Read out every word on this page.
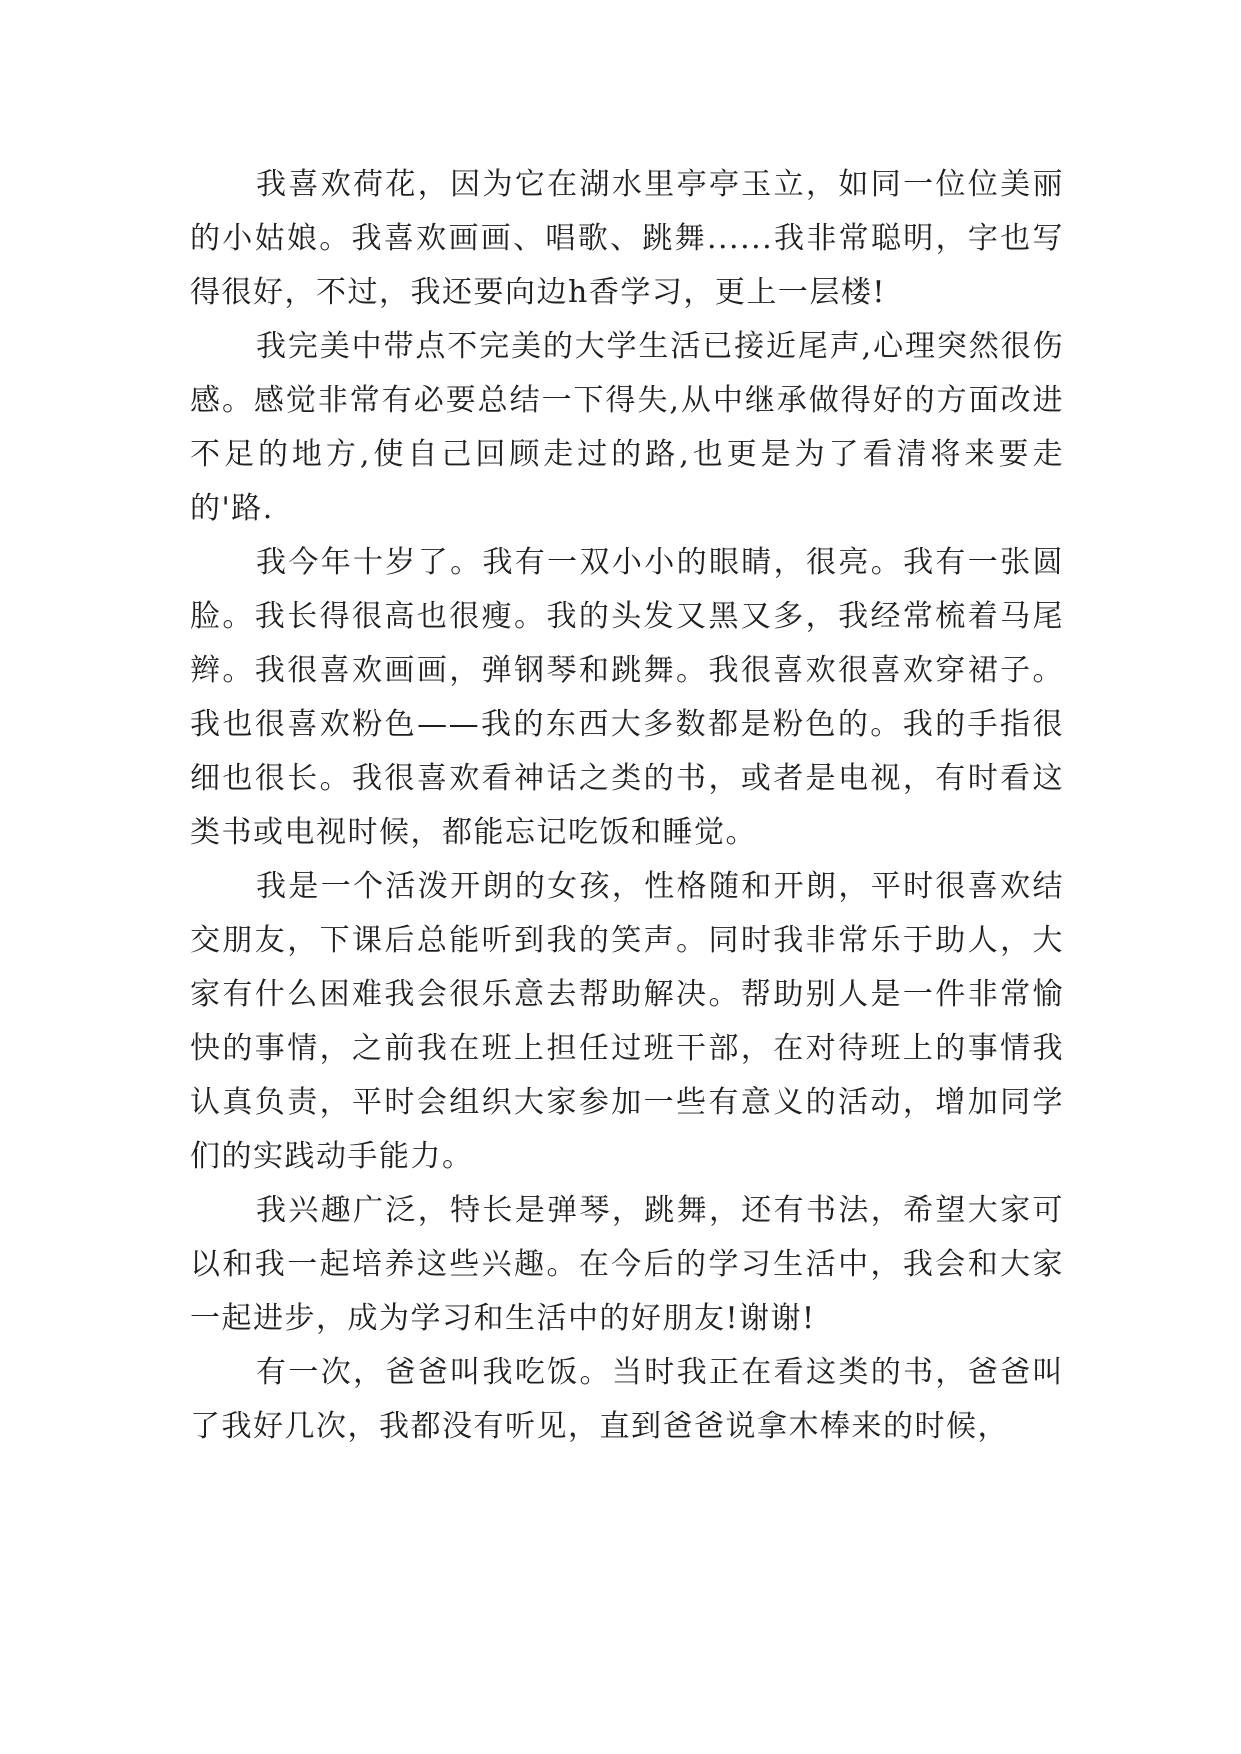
我喜欢荷花，因为它在湖水里亭亭玉立，如同一位位美丽的小姑娘。我喜欢画画、唱歌、跳舞......我非常聪明，字也写得很好，不过，我还要向边h香学习，更上一层楼!

我完美中带点不完美的大学生活已接近尾声,心理突然很伤感。感觉非常有必要总结一下得失,从中继承做得好的方面改进不足的地方,使自己回顾走过的路,也更是为了看清将来要走的'路.

我今年十岁了。我有一双小小的眼睛，很亮。我有一张圆脸。我长得很高也很瘦。我的头发又黑又多，我经常梳着马尾辫。我很喜欢画画，弹钢琴和跳舞。我很喜欢很喜欢穿裙子。我也很喜欢粉色——我的东西大多数都是粉色的。我的手指很细也很长。我很喜欢看神话之类的书，或者是电视，有时看这类书或电视时候，都能忘记吃饭和睡觉。

我是一个活泼开朗的女孩，性格随和开朗，平时很喜欢结交朋友，下课后总能听到我的笑声。同时我非常乐于助人，大家有什么困难我会很乐意去帮助解决。帮助别人是一件非常愉快的事情，之前我在班上担任过班干部，在对待班上的事情我认真负责，平时会组织大家参加一些有意义的活动，增加同学们的实践动手能力。

我兴趣广泛，特长是弹琴，跳舞，还有书法，希望大家可以和我一起培养这些兴趣。在今后的学习生活中，我会和大家一起进步，成为学习和生活中的好朋友!谢谢!

有一次，爸爸叫我吃饭。当时我正在看这类的书，爸爸叫了我好几次，我都没有听见，直到爸爸说拿木棒来的时候，
